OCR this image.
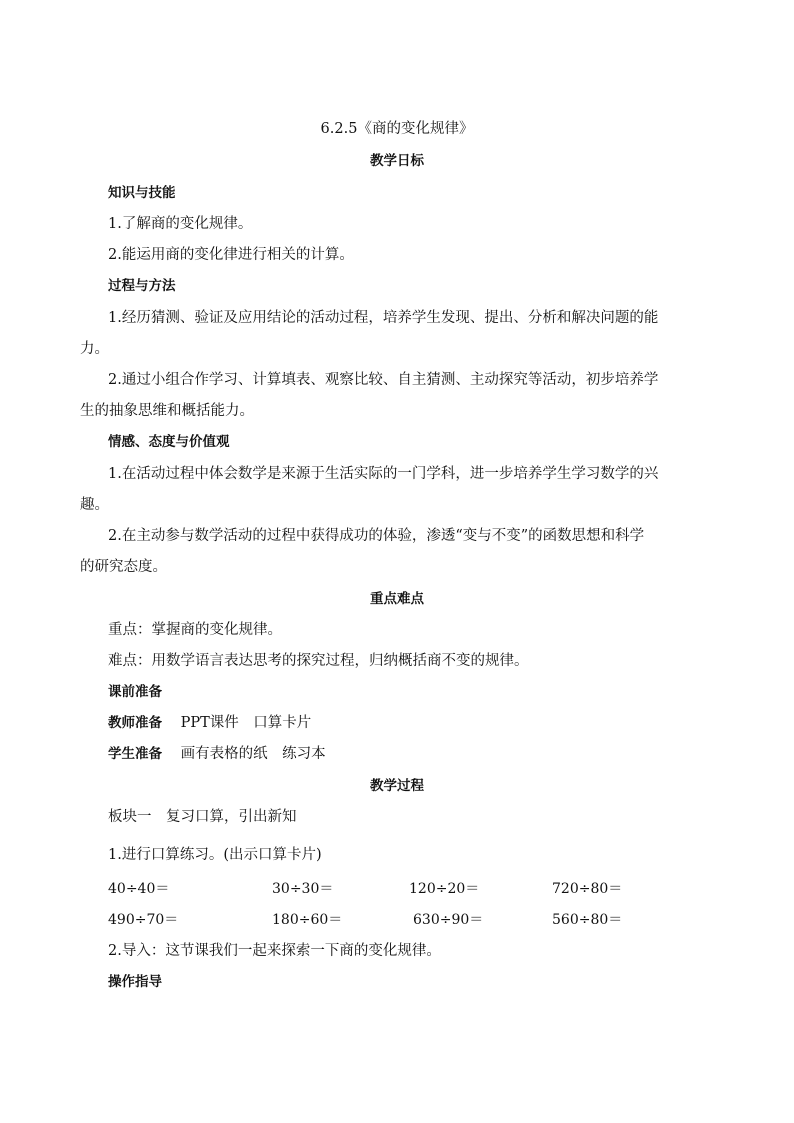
6.2.5《商的变化规律》
教学日标
知识与技能
1.了解商的变化规律。
2.能运用商的变化律进行相关的计算。
过程与方法
1.经历猜测、验证及应用结论的活动过程，培养学生发现、提出、分析和解决问题的能
力。
2.通过小组合作学习、计算填表、观察比较、自主猜测、主动探究等活动，初步培养学
生的抽象思维和概括能力。
情感、态度与价值观
1.在活动过程中体会数学是来源于生活实际的一门学科，进一步培养学生学习数学的兴
趣。
2.在主动参与数学活动的过程中获得成功的体验，渗透“变与不变”的函数思想和科学
的研究态度。
重点难点
重点：掌握商的变化规律。
难点：用数学语言表达思考的探究过程，归纳概括商不变的规律。
课前准备
教师准备 PPT课件　口算卡片
学生准备 画有表格的纸　练习本
教学过程
板块一　复习口算，引出新知
1.进行口算练习。(出示口算卡片)
40÷40＝	30÷30＝	120÷20＝	720÷80＝
490÷70＝	180÷60＝	630÷90＝	560÷80＝
2.导入：这节课我们一起来探索一下商的变化规律。
操作指导
